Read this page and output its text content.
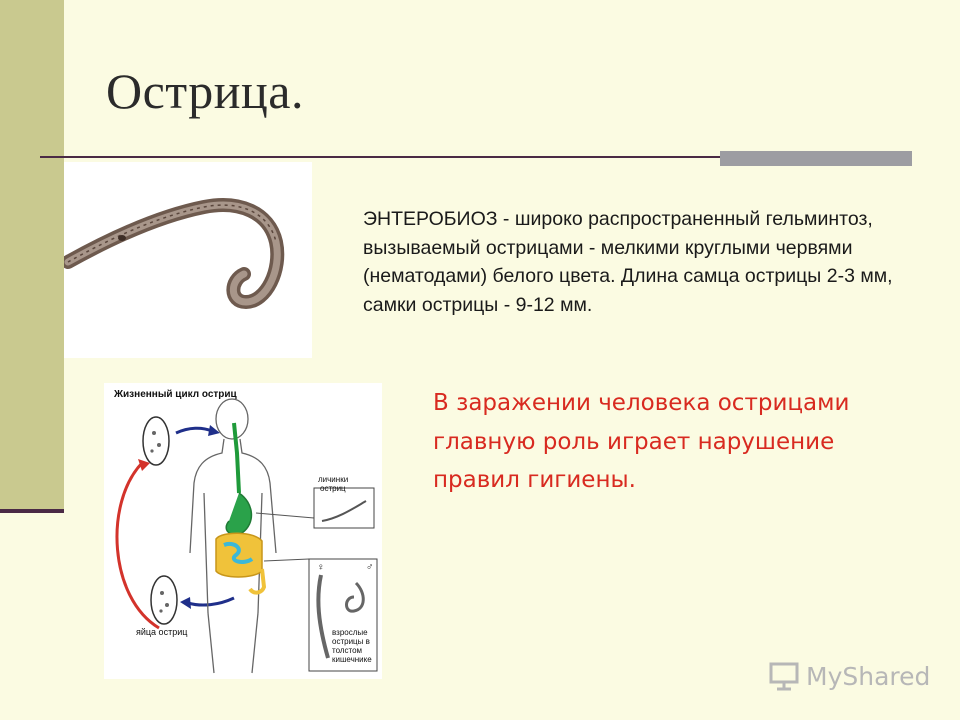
Острица.

ЭНТЕРОБИОЗ - широко распространенный гельминтоз, вызываемый острицами - мелкими круглыми червями (нематодами) белого цвета. Длина самца острицы 2-3 мм, самки острицы - 9-12 мм.

Жизненный цикл остриц
яйца остриц
личинки
остриц
♀	♂
взрослые
острицы в
толстом
кишечнике

В заражении человека острицами главную роль играет нарушение правил гигиены.

MyShared
